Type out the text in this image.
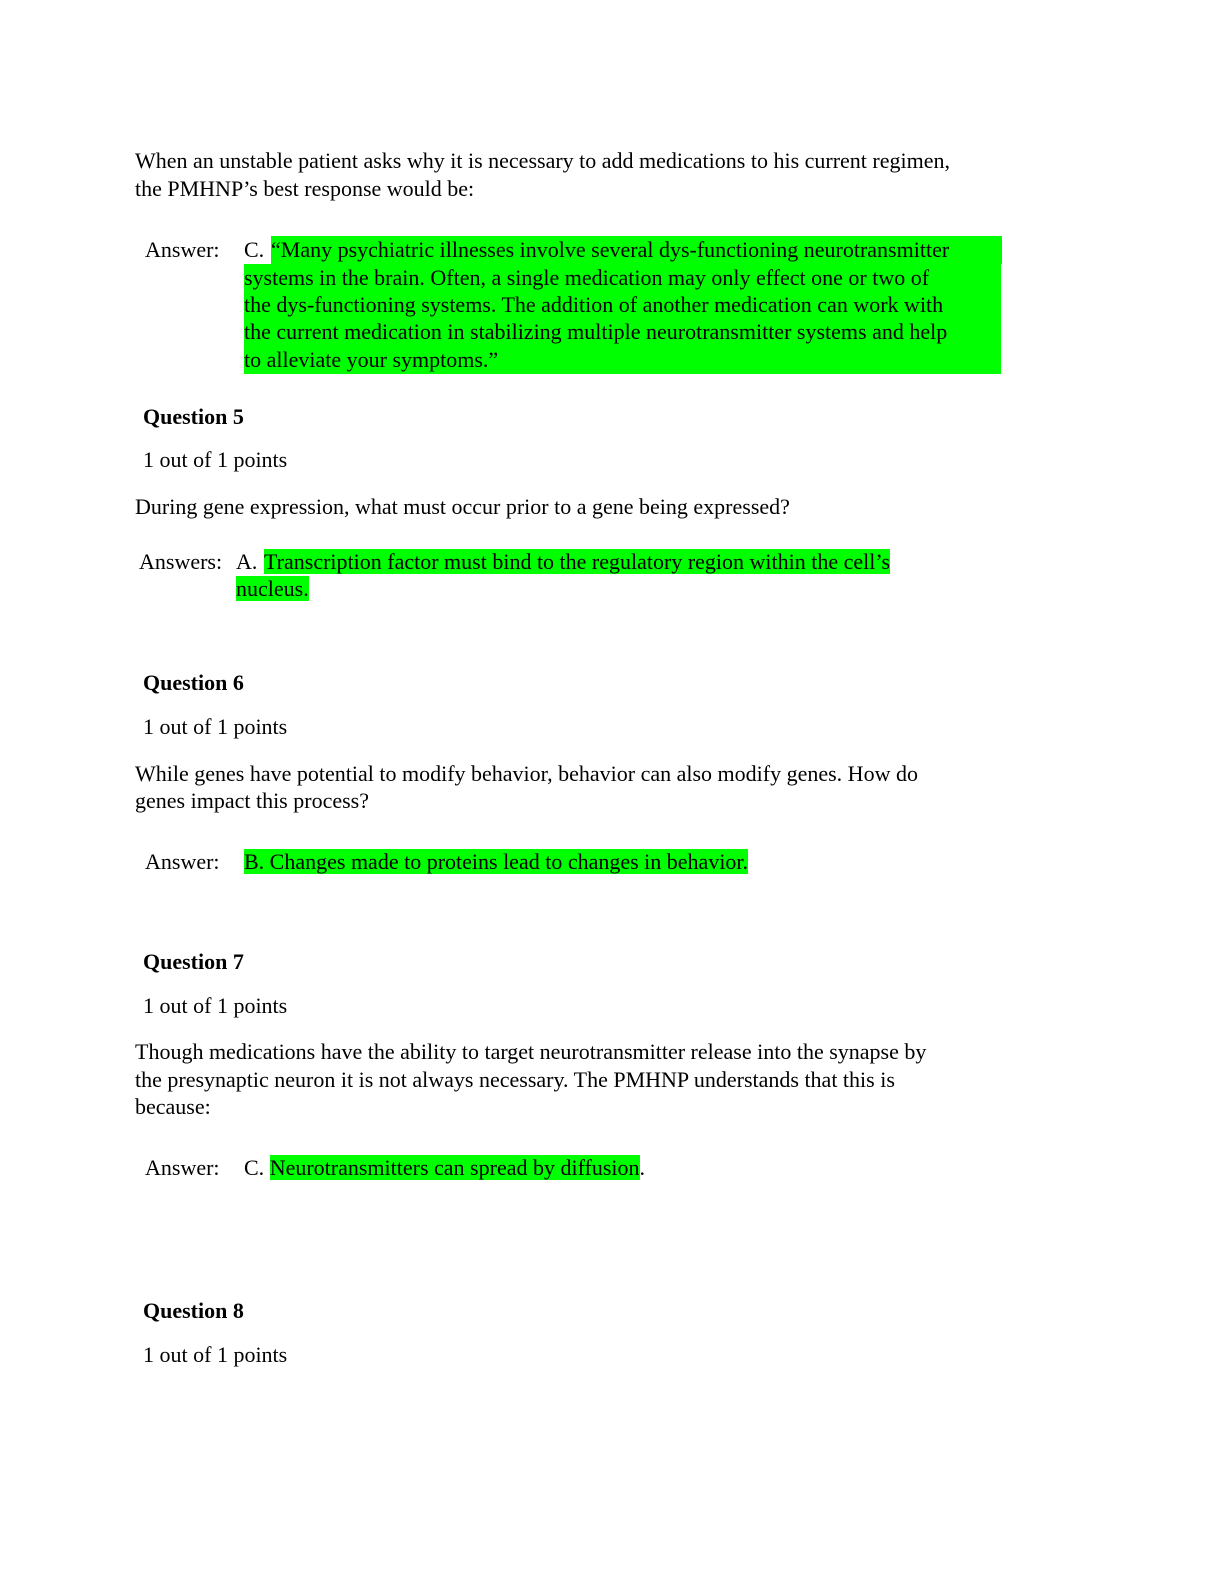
When an unstable patient asks why it is necessary to add medications to his current regimen,
the PMHNP’s best response would be:
Answer: C. “Many psychiatric illnesses involve several dys-functioning neurotransmitter
systems in the brain. Often, a single medication may only effect one or two of
the dys-functioning systems. The addition of another medication can work with
the current medication in stabilizing multiple neurotransmitter systems and help
to alleviate your symptoms.”
Question 5
1 out of 1 points
During gene expression, what must occur prior to a gene being expressed?
Answers: A. Transcription factor must bind to the regulatory region within the cell’s
nucleus.
Question 6
1 out of 1 points
While genes have potential to modify behavior, behavior can also modify genes. How do
genes impact this process?
Answer: B. Changes made to proteins lead to changes in behavior.
Question 7
1 out of 1 points
Though medications have the ability to target neurotransmitter release into the synapse by
the presynaptic neuron it is not always necessary. The PMHNP understands that this is
because:
Answer: C. Neurotransmitters can spread by diffusion.
Question 8
1 out of 1 points
